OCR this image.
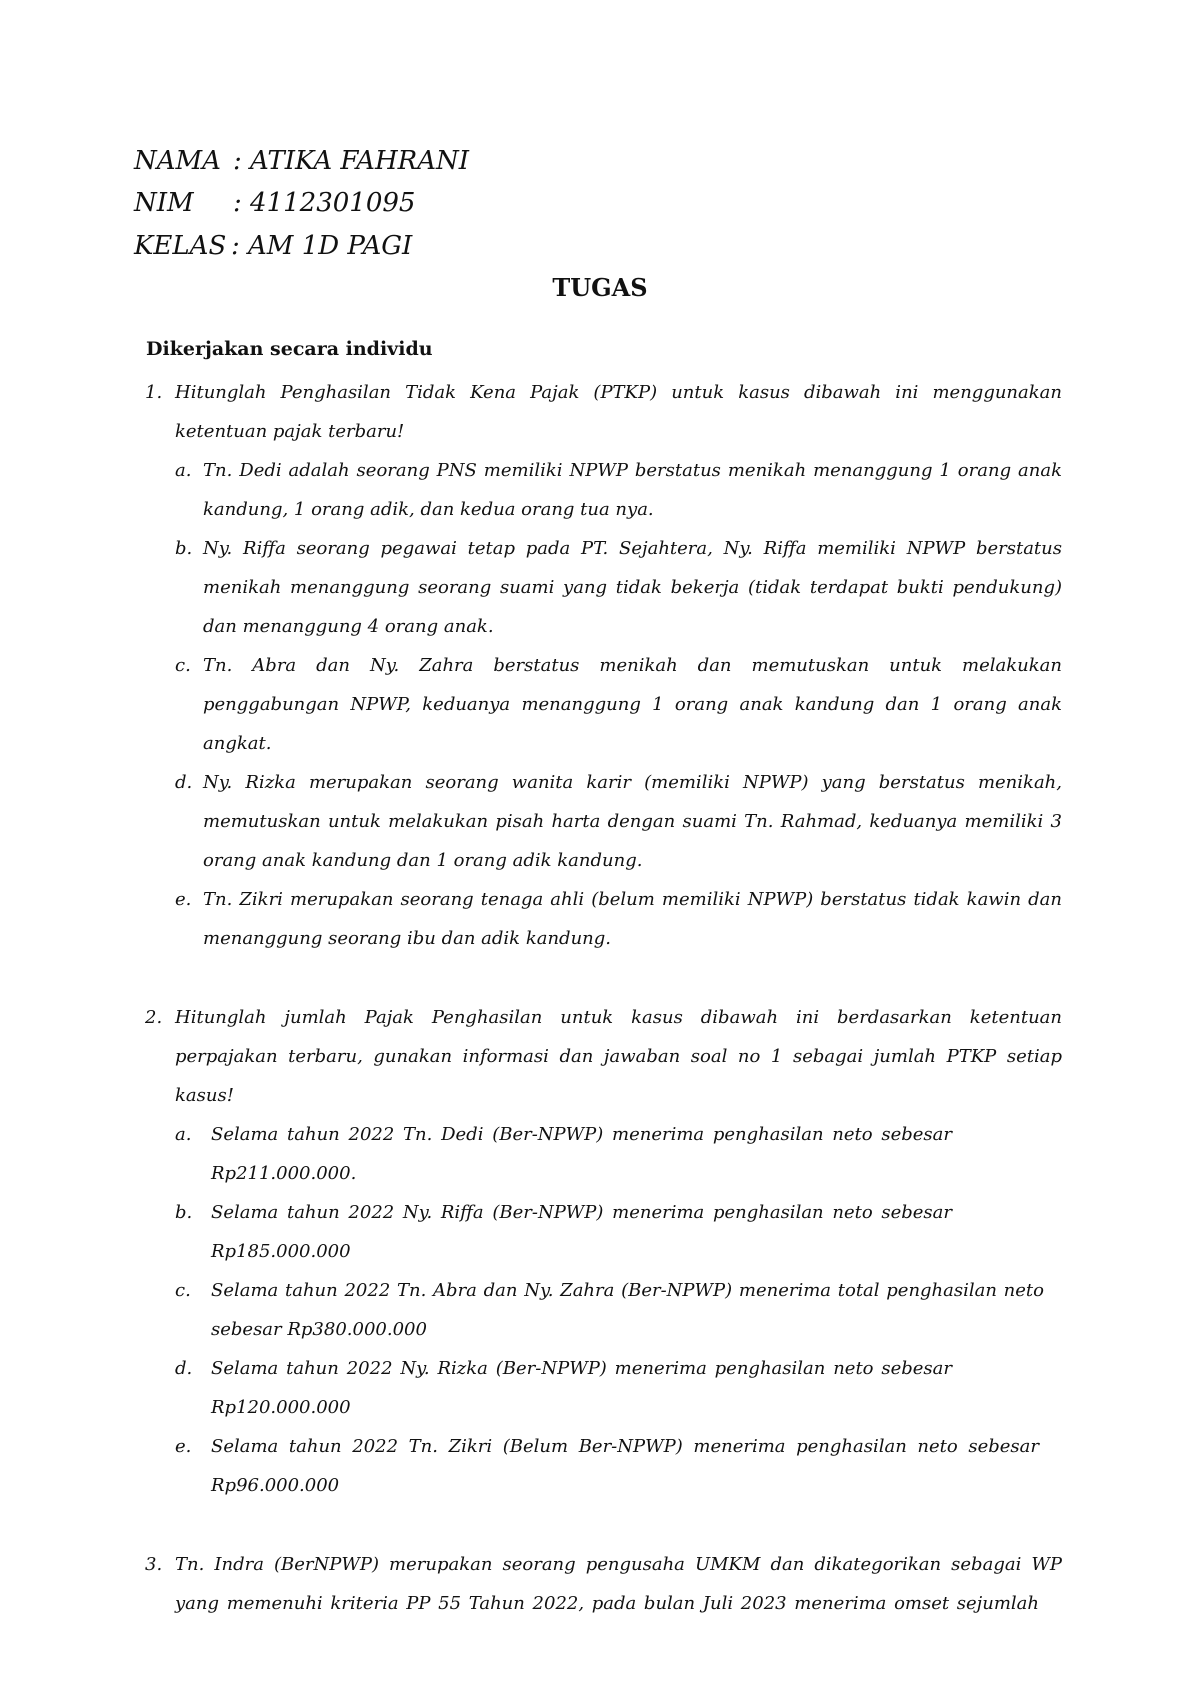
NAMA : ATIKA FAHRANI
NIM : 4112301095
KELAS : AM 1D PAGI
TUGAS
Dikerjakan secara individu
1. Hitunglah Penghasilan Tidak Kena Pajak (PTKP) untuk kasus dibawah ini menggunakan
ketentuan pajak terbaru!
a. Tn. Dedi adalah seorang PNS memiliki NPWP berstatus menikah menanggung 1 orang anak
kandung, 1 orang adik, dan kedua orang tua nya.
b. Ny. Riffa seorang pegawai tetap pada PT. Sejahtera, Ny. Riffa memiliki NPWP berstatus
menikah menanggung seorang suami yang tidak bekerja (tidak terdapat bukti pendukung)
dan menanggung 4 orang anak.
c. Tn. Abra dan Ny. Zahra berstatus menikah dan memutuskan untuk melakukan
penggabungan NPWP, keduanya menanggung 1 orang anak kandung dan 1 orang anak
angkat.
d. Ny. Rizka merupakan seorang wanita karir (memiliki NPWP) yang berstatus menikah,
memutuskan untuk melakukan pisah harta dengan suami Tn. Rahmad, keduanya memiliki 3
orang anak kandung dan 1 orang adik kandung.
e. Tn. Zikri merupakan seorang tenaga ahli (belum memiliki NPWP) berstatus tidak kawin dan
menanggung seorang ibu dan adik kandung.
2. Hitunglah jumlah Pajak Penghasilan untuk kasus dibawah ini berdasarkan ketentuan
perpajakan terbaru, gunakan informasi dan jawaban soal no 1 sebagai jumlah PTKP setiap
kasus!
a. Selama tahun 2022 Tn. Dedi (Ber-NPWP) menerima penghasilan neto sebesar
Rp211.000.000.
b. Selama tahun 2022 Ny. Riffa (Ber-NPWP) menerima penghasilan neto sebesar
Rp185.000.000
c. Selama tahun 2022 Tn. Abra dan Ny. Zahra (Ber-NPWP) menerima total penghasilan neto
sebesar Rp380.000.000
d. Selama tahun 2022 Ny. Rizka (Ber-NPWP) menerima penghasilan neto sebesar
Rp120.000.000
e. Selama tahun 2022 Tn. Zikri (Belum Ber-NPWP) menerima penghasilan neto sebesar
Rp96.000.000
3. Tn. Indra (BerNPWP) merupakan seorang pengusaha UMKM dan dikategorikan sebagai WP
yang memenuhi kriteria PP 55 Tahun 2022, pada bulan Juli 2023 menerima omset sejumlah
